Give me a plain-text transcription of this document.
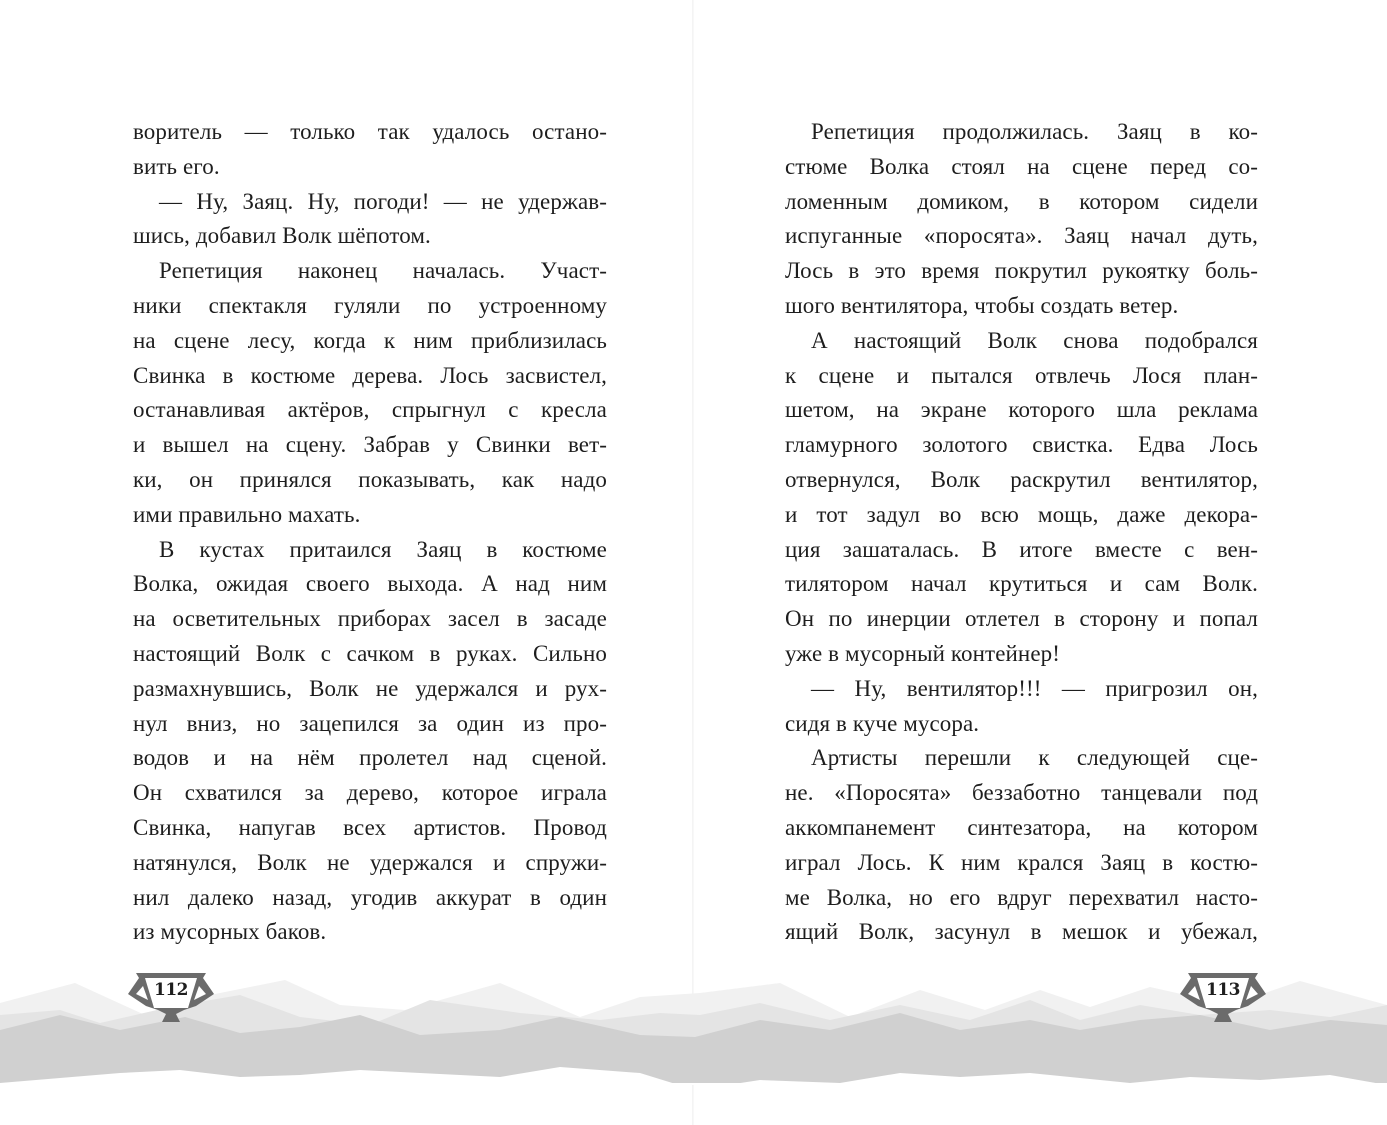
воритель — только так удалось остано-
вить его.
— Ну, Заяц. Ну, погоди! — не удержав-
шись, добавил Волк шёпотом.
Репетиция наконец началась. Участ-
ники спектакля гуляли по устроенному
на сцене лесу, когда к ним приблизилась
Свинка в костюме дерева. Лось засвистел,
останавливая актёров, спрыгнул с кресла
и вышел на сцену. Забрав у Свинки вет-
ки, он принялся показывать, как надо
ими правильно махать.
В кустах притаился Заяц в костюме
Волка, ожидая своего выхода. А над ним
на осветительных приборах засел в засаде
настоящий Волк с сачком в руках. Сильно
размахнувшись, Волк не удержался и рух-
нул вниз, но зацепился за один из про-
водов и на нём пролетел над сценой.
Он схватился за дерево, которое играла
Свинка, напугав всех артистов. Провод
натянулся, Волк не удержался и спружи-
нил далеко назад, угодив аккурат в один
из мусорных баков.
Репетиция продолжилась. Заяц в ко-
стюме Волка стоял на сцене перед со-
ломенным домиком, в котором сидели
испуганные «поросята». Заяц начал дуть,
Лось в это время покрутил рукоятку боль-
шого вентилятора, чтобы создать ветер.
А настоящий Волк снова подобрался
к сцене и пытался отвлечь Лося план-
шетом, на экране которого шла реклама
гламурного золотого свистка. Едва Лось
отвернулся, Волк раскрутил вентилятор,
и тот задул во всю мощь, даже декора-
ция зашаталась. В итоге вместе с вен-
тилятором начал крутиться и сам Волк.
Он по инерции отлетел в сторону и попал
уже в мусорный контейнер!
— Ну, вентилятор!!! — пригрозил он,
сидя в куче мусора.
Артисты перешли к следующей сце-
не. «Поросята» беззаботно танцевали под
аккомпанемент синтезатора, на котором
играл Лось. К ним крался Заяц в костю-
ме Волка, но его вдруг перехватил насто-
ящий Волк, засунул в мешок и убежал,
112	113
